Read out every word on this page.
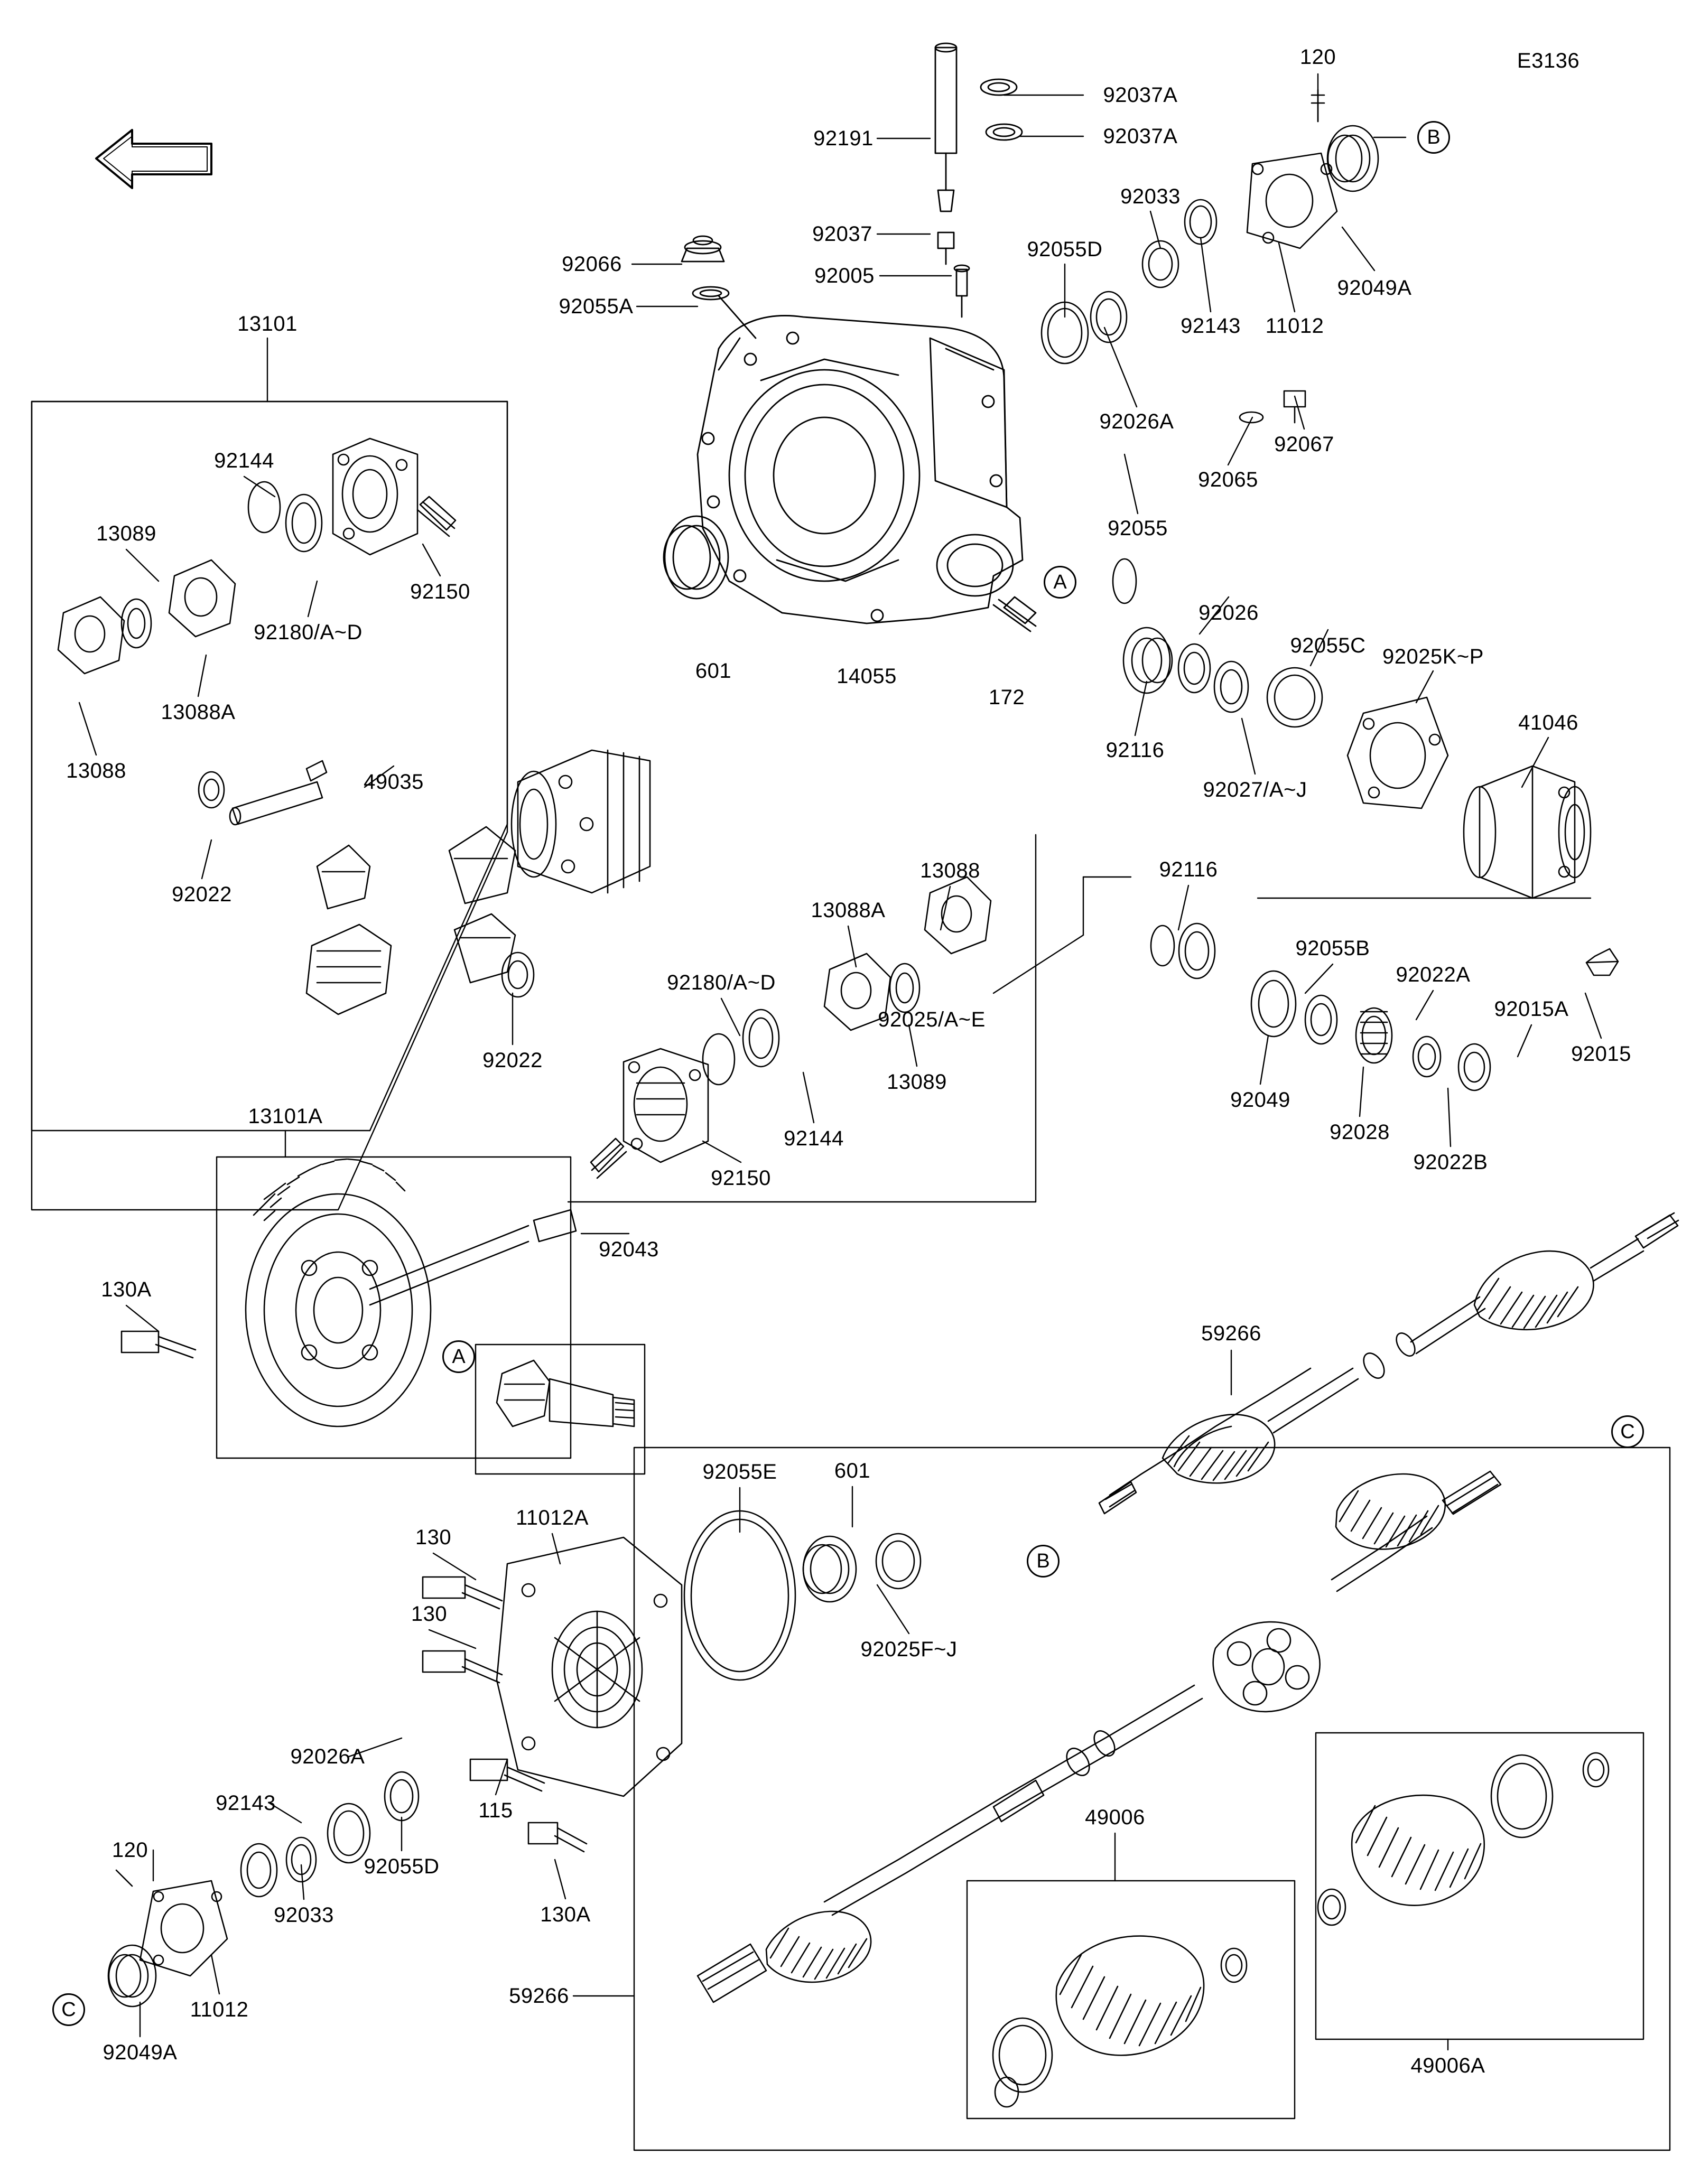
E3136
120
92037A
92191	92037A
92033
92055D
92037
92066	92005
92049A
92055A
92143 11012
13101
92026A
92144
92067
92065
13089
92150
92055
92026
92055C 92025K~P
92180/A~D
13088A
A
601	14055
172
92116
92027/A~J
41046
13088	49035
92022
13088
13088A
92116
92055B
92022A
92180/A~D
92015A
92025/A~E
92015
13089
92022
92049
92028
92144
92022B
92150
13101A
92043
130A
59266
A
C
92055E	601
B
92025F~J
130
11012A
130
92026A
92143
49006
120
115
92055D
130A
92033
59266
C	11012
49006A
92049A
B
